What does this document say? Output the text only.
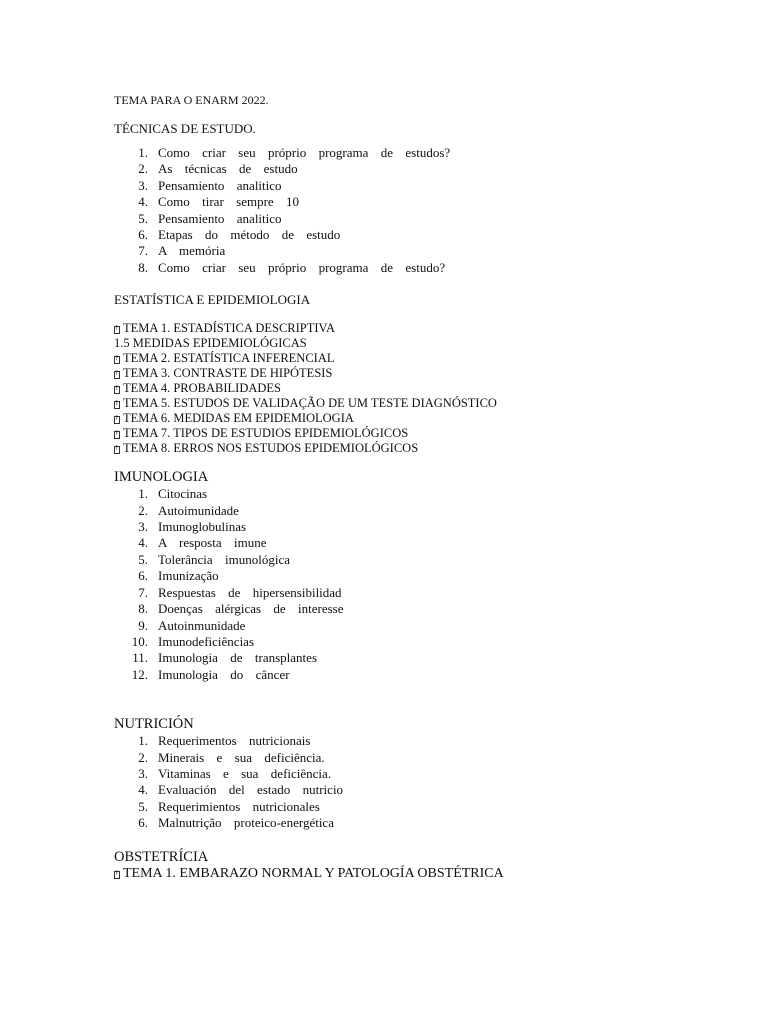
TEMA PARA O ENARM 2022.

TÉCNICAS DE ESTUDO.

1. Como criar seu próprio programa de estudos?
2. As técnicas de estudo
3. Pensamiento analitico
4. Como tirar sempre 10
5. Pensamiento analitico
6. Etapas do método de estudo
7. A memória
8. Como criar seu próprio programa de estudo?

ESTATÍSTICA E EPIDEMIOLOGIA

?
TEMA 1. ESTADÍSTICA DESCRIPTIVA
1.5 MEDIDAS EPIDEMIOLÓGICAS
?
TEMA 2. ESTATÍSTICA INFERENCIAL
?
TEMA 3. CONTRASTE DE HIPÓTESIS
?
TEMA 4. PROBABILIDADES
?
TEMA 5. ESTUDOS DE VALIDAÇÃO DE UM TESTE DIAGNÓSTICO
?
TEMA 6. MEDIDAS EM EPIDEMIOLOGIA
?
TEMA 7. TIPOS DE ESTUDIOS EPIDEMIOLÓGICOS
?
TEMA 8. ERROS NOS ESTUDOS EPIDEMIOLÓGICOS

IMUNOLOGIA

1. Citocinas
2. Autoimunidade
3. Imunoglobulinas
4. A resposta imune
5. Tolerância imunológica
6. Imunização
7. Respuestas de hipersensibilidad
8. Doenças alérgicas de interesse
9. Autoinmunidade
10. Imunodeficiências
11. Imunologia de transplantes
12. Imunologia do câncer

NUTRICIÓN

1. Requerimentos nutricionais
2. Minerais e sua deficiência.
3. Vitaminas e sua deficiência.
4. Evaluación del estado nutricio
5. Requerimientos nutricionales
6. Malnutrição proteico-energética

OBSTETRÍCIA

?
TEMA 1. EMBARAZO NORMAL Y PATOLOGÍA OBSTÉTRICA
